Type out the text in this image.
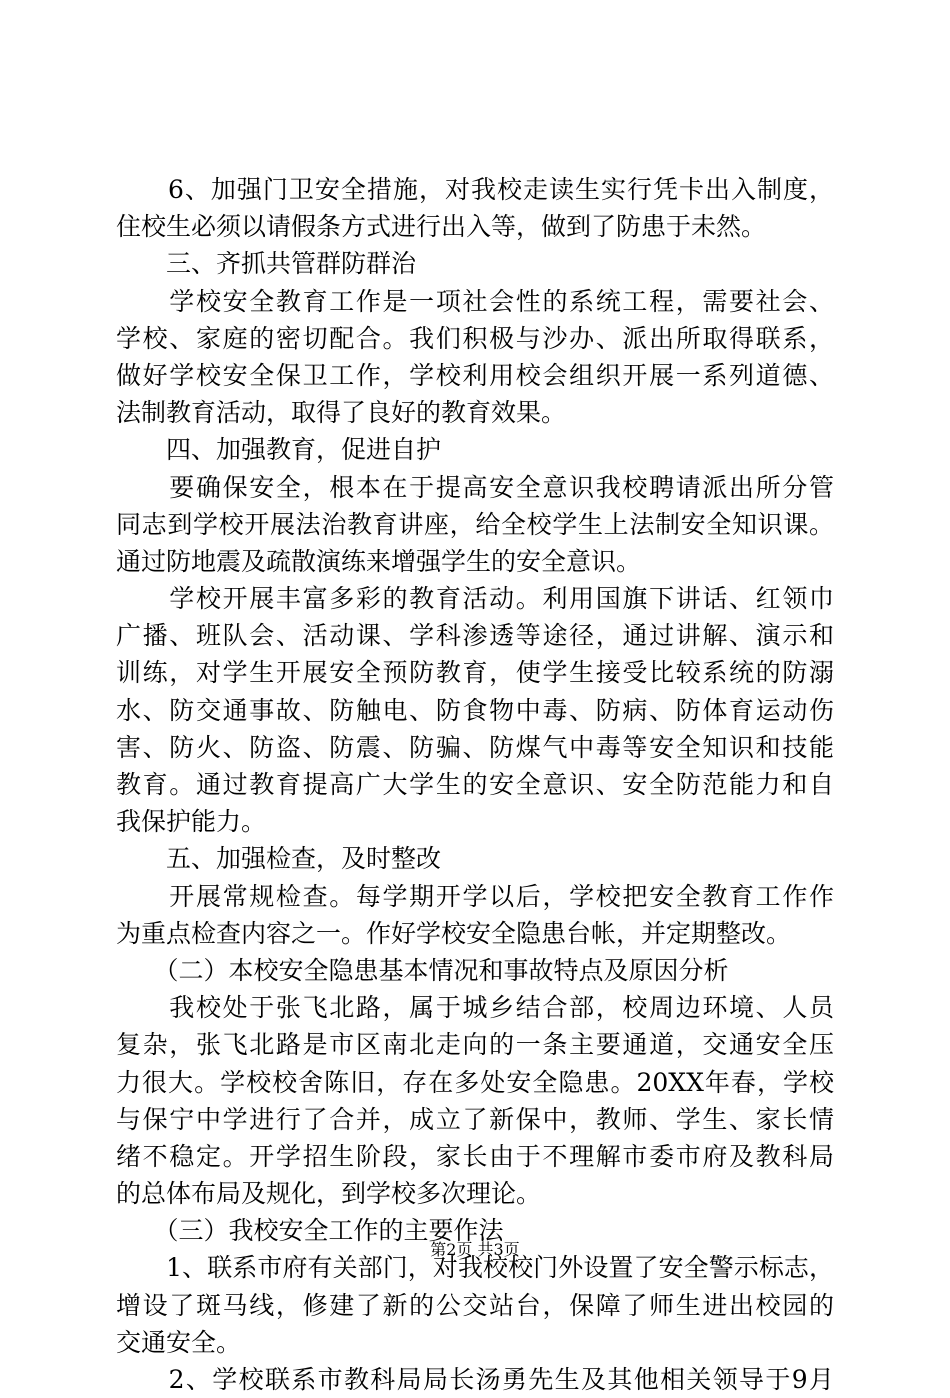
　　6、加强门卫安全措施，对我校走读生实行凭卡出入制度，
住校生必须以请假条方式进行出入等，做到了防患于未然。
　　三、齐抓共管群防群治
　　学校安全教育工作是一项社会性的系统工程，需要社会、
学校、家庭的密切配合。我们积极与沙办、派出所取得联系，
做好学校安全保卫工作，学校利用校会组织开展一系列道德、
法制教育活动，取得了良好的教育效果。
　　四、加强教育，促进自护
　　要确保安全，根本在于提高安全意识我校聘请派出所分管
同志到学校开展法治教育讲座，给全校学生上法制安全知识课。
通过防地震及疏散演练来增强学生的安全意识。
　　学校开展丰富多彩的教育活动。利用国旗下讲话、红领巾
广播、班队会、活动课、学科渗透等途径，通过讲解、演示和
训练，对学生开展安全预防教育，使学生接受比较系统的防溺
水、防交通事故、防触电、防食物中毒、防病、防体育运动伤
害、防火、防盗、防震、防骗、防煤气中毒等安全知识和技能
教育。通过教育提高广大学生的安全意识、安全防范能力和自
我保护能力。
　　五、加强检查，及时整改
　　开展常规检查。每学期开学以后，学校把安全教育工作作
为重点检查内容之一。作好学校安全隐患台帐，并定期整改。
　　（二）本校安全隐患基本情况和事故特点及原因分析
　　我校处于张飞北路，属于城乡结合部，校周边环境、人员
复杂，张飞北路是市区南北走向的一条主要通道，交通安全压
力很大。学校校舍陈旧，存在多处安全隐患。20XX年春，学校
与保宁中学进行了合并，成立了新保中，教师、学生、家长情
绪不稳定。开学招生阶段，家长由于不理解市委市府及教科局
的总体布局及规化，到学校多次理论。
　　（三）我校安全工作的主要作法
　　1、联系市府有关部门，对我校校门外设置了安全警示标志，
增设了斑马线，修建了新的公交站台，保障了师生进出校园的
交通安全。
　　2、学校联系市教科局局长汤勇先生及其他相关领导于9月
第2页 共3页
